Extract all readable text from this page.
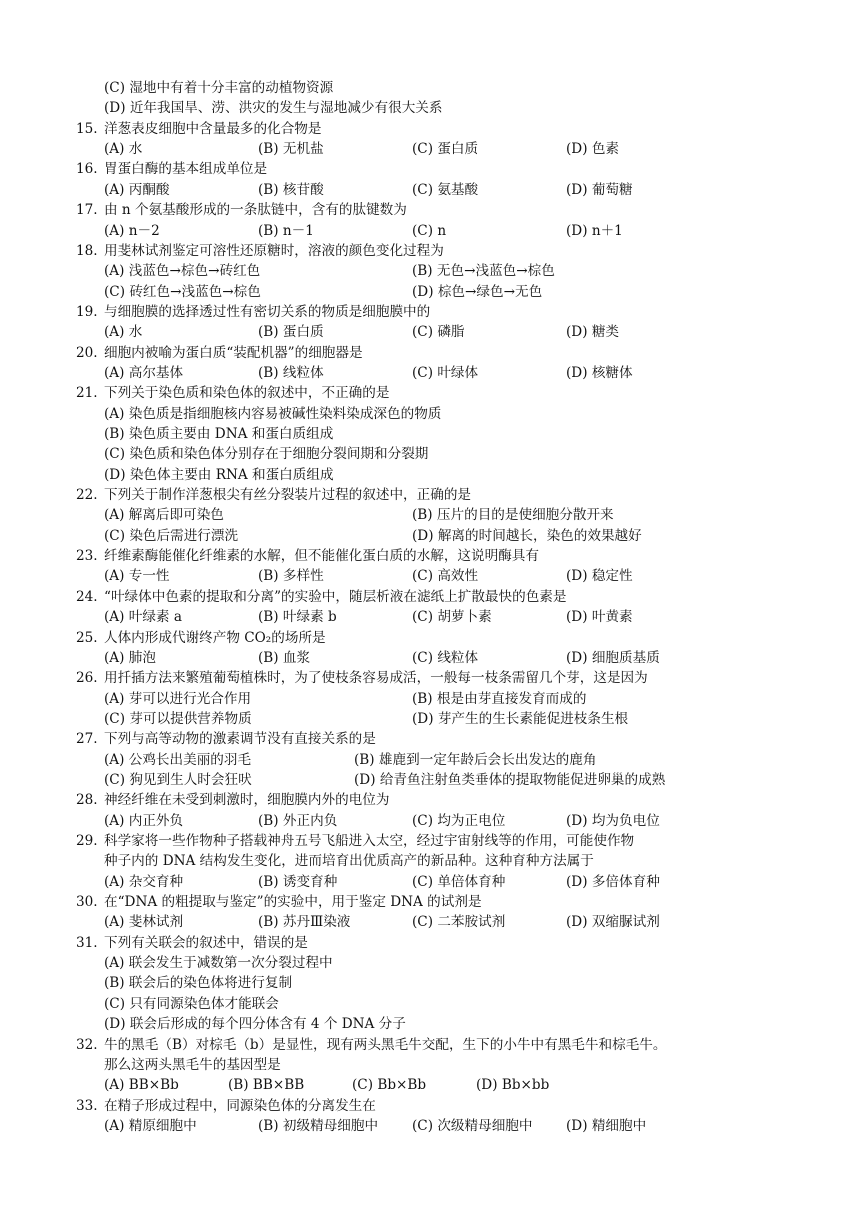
(C) 湿地中有着十分丰富的动植物资源
(D) 近年我国旱、涝、洪灾的发生与湿地减少有很大关系
15. 洋葱表皮细胞中含量最多的化合物是
(A) 水	(B) 无机盐	(C) 蛋白质	(D) 色素
16. 胃蛋白酶的基本组成单位是
(A) 丙酮酸	(B) 核苷酸	(C) 氨基酸	(D) 葡萄糖
17. 由 n 个氨基酸形成的一条肽链中，含有的肽键数为
(A) n－2	(B) n－1	(C) n	(D) n＋1
18. 用斐林试剂鉴定可溶性还原糖时，溶液的颜色变化过程为
(A) 浅蓝色→棕色→砖红色	(B) 无色→浅蓝色→棕色
(C) 砖红色→浅蓝色→棕色	(D) 棕色→绿色→无色
19. 与细胞膜的选择透过性有密切关系的物质是细胞膜中的
(A) 水	(B) 蛋白质	(C) 磷脂	(D) 糖类
20. 细胞内被喻为蛋白质“装配机器”的细胞器是
(A) 高尔基体	(B) 线粒体	(C) 叶绿体	(D) 核糖体
21. 下列关于染色质和染色体的叙述中，不正确的是
(A) 染色质是指细胞核内容易被碱性染料染成深色的物质
(B) 染色质主要由 DNA 和蛋白质组成
(C) 染色质和染色体分别存在于细胞分裂间期和分裂期
(D) 染色体主要由 RNA 和蛋白质组成
22. 下列关于制作洋葱根尖有丝分裂装片过程的叙述中，正确的是
(A) 解离后即可染色	(B) 压片的目的是使细胞分散开来
(C) 染色后需进行漂洗	(D) 解离的时间越长，染色的效果越好
23. 纤维素酶能催化纤维素的水解，但不能催化蛋白质的水解，这说明酶具有
(A) 专一性	(B) 多样性	(C) 高效性	(D) 稳定性
24. “叶绿体中色素的提取和分离”的实验中，随层析液在滤纸上扩散最快的色素是
(A) 叶绿素 a	(B) 叶绿素 b	(C) 胡萝卜素	(D) 叶黄素
25. 人体内形成代谢终产物 CO₂的场所是
(A) 肺泡	(B) 血浆	(C) 线粒体	(D) 细胞质基质
26. 用扦插方法来繁殖葡萄植株时，为了使枝条容易成活，一般每一枝条需留几个芽，这是因为
(A) 芽可以进行光合作用	(B) 根是由芽直接发育而成的
(C) 芽可以提供营养物质	(D) 芽产生的生长素能促进枝条生根
27. 下列与高等动物的激素调节没有直接关系的是
(A) 公鸡长出美丽的羽毛	(B) 雄鹿到一定年龄后会长出发达的鹿角
(C) 狗见到生人时会狂吠	(D) 给青鱼注射鱼类垂体的提取物能促进卵巢的成熟
28. 神经纤维在未受到刺激时，细胞膜内外的电位为
(A) 内正外负	(B) 外正内负	(C) 均为正电位	(D) 均为负电位
29. 科学家将一些作物种子搭载神舟五号飞船进入太空，经过宇宙射线等的作用，可能使作物
种子内的 DNA 结构发生变化，进而培育出优质高产的新品种。这种育种方法属于
(A) 杂交育种	(B) 诱变育种	(C) 单倍体育种	(D) 多倍体育种
30. 在“DNA 的粗提取与鉴定”的实验中，用于鉴定 DNA 的试剂是
(A) 斐林试剂	(B) 苏丹Ⅲ染液	(C) 二苯胺试剂	(D) 双缩脲试剂
31. 下列有关联会的叙述中，错误的是
(A) 联会发生于减数第一次分裂过程中
(B) 联会后的染色体将进行复制
(C) 只有同源染色体才能联会
(D) 联会后形成的每个四分体含有 4 个 DNA 分子
32. 牛的黑毛（B）对棕毛（b）是显性，现有两头黑毛牛交配，生下的小牛中有黑毛牛和棕毛牛。
那么这两头黑毛牛的基因型是
(A) BB×Bb	(B) BB×BB	(C) Bb×Bb	(D) Bb×bb
33. 在精子形成过程中，同源染色体的分离发生在
(A) 精原细胞中	(B) 初级精母细胞中 (C) 次级精母细胞中 (D) 精细胞中
